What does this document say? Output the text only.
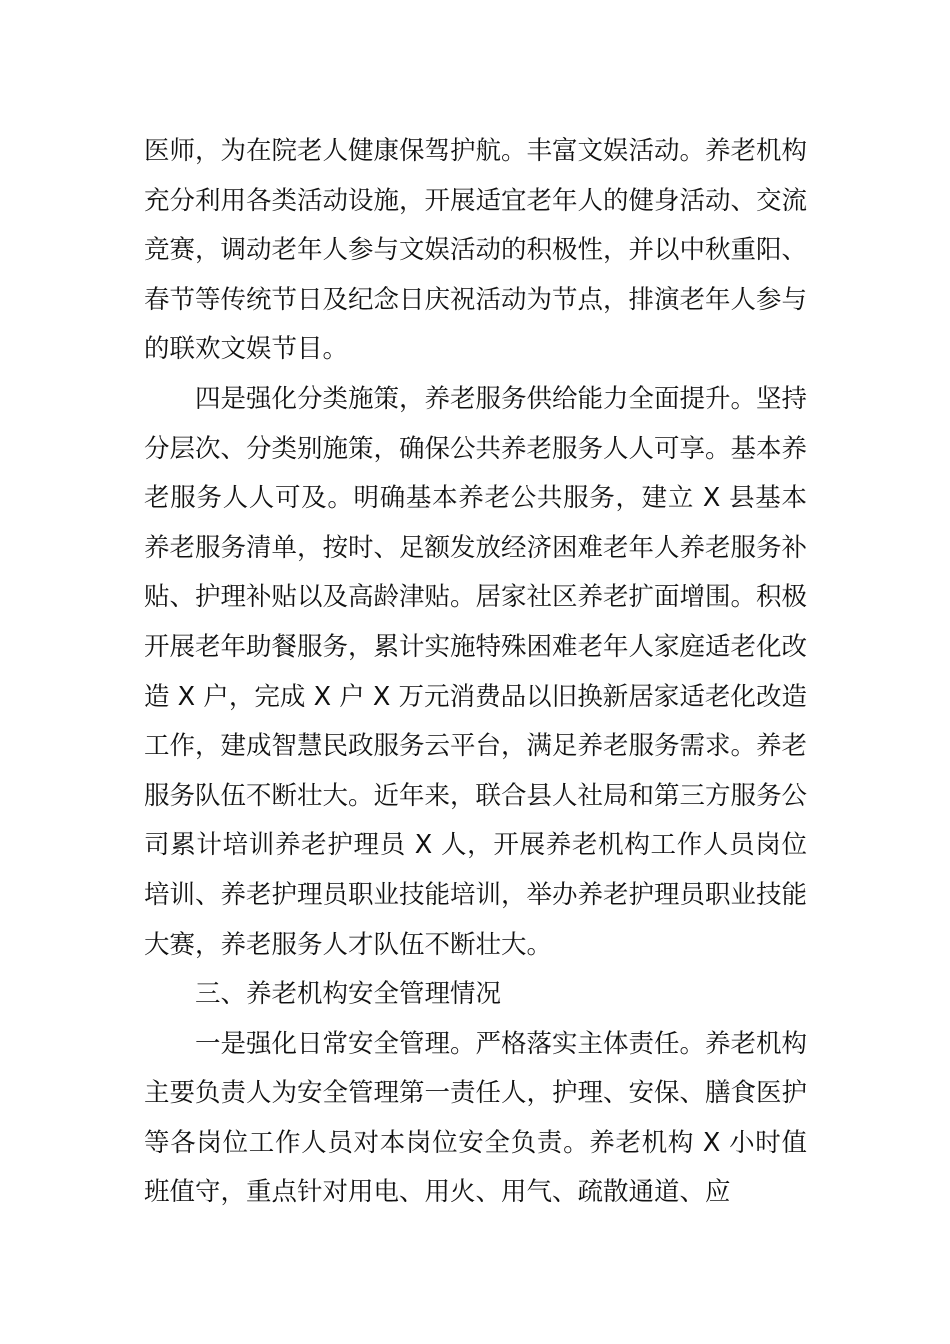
医师，为在院老人健康保驾护航。丰富文娱活动。养老机构充分利用各类活动设施，开展适宜老年人的健身活动、交流竞赛，调动老年人参与文娱活动的积极性，并以中秋重阳、春节等传统节日及纪念日庆祝活动为节点，排演老年人参与的联欢文娱节目。

四是强化分类施策，养老服务供给能力全面提升。坚持分层次、分类别施策，确保公共养老服务人人可享。基本养老服务人人可及。明确基本养老公共服务，建立 X 县基本养老服务清单，按时、足额发放经济困难老年人养老服务补贴、护理补贴以及高龄津贴。居家社区养老扩面增围。积极开展老年助餐服务，累计实施特殊困难老年人家庭适老化改造 X 户，完成 X 户 X 万元消费品以旧换新居家适老化改造工作，建成智慧民政服务云平台，满足养老服务需求。养老服务队伍不断壮大。近年来，联合县人社局和第三方服务公司累计培训养老护理员 X 人，开展养老机构工作人员岗位培训、养老护理员职业技能培训，举办养老护理员职业技能大赛，养老服务人才队伍不断壮大。

三、养老机构安全管理情况

一是强化日常安全管理。严格落实主体责任。养老机构主要负责人为安全管理第一责任人，护理、安保、膳食医护等各岗位工作人员对本岗位安全负责。养老机构 X 小时值班值守，重点针对用电、用火、用气、疏散通道、应
